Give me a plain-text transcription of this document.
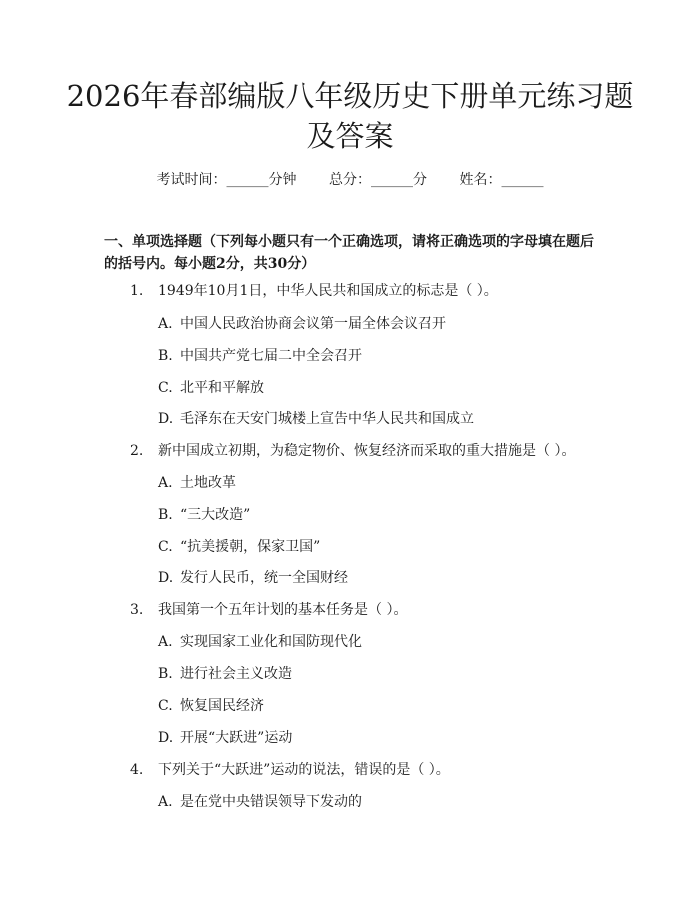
2026年春部编版八年级历史下册单元练习题
及答案
考试时间：______分钟 总分：______分 姓名：______
一、单项选择题（下列每小题只有一个正确选项，请将正确选项的字母填在题后的括号内。每小题2分，共30分）
1. 1949年10月1日，中华人民共和国成立的标志是（ ）。
A. 中国人民政治协商会议第一届全体会议召开
B. 中国共产党七届二中全会召开
C. 北平和平解放
D. 毛泽东在天安门城楼上宣告中华人民共和国成立
2. 新中国成立初期，为稳定物价、恢复经济而采取的重大措施是（ ）。
A. 土地改革
B. “三大改造”
C. “抗美援朝，保家卫国”
D. 发行人民币，统一全国财经
3. 我国第一个五年计划的基本任务是（ ）。
A. 实现国家工业化和国防现代化
B. 进行社会主义改造
C. 恢复国民经济
D. 开展“大跃进”运动
4. 下列关于“大跃进”运动的说法，错误的是（ ）。
A. 是在党中央错误领导下发动的
